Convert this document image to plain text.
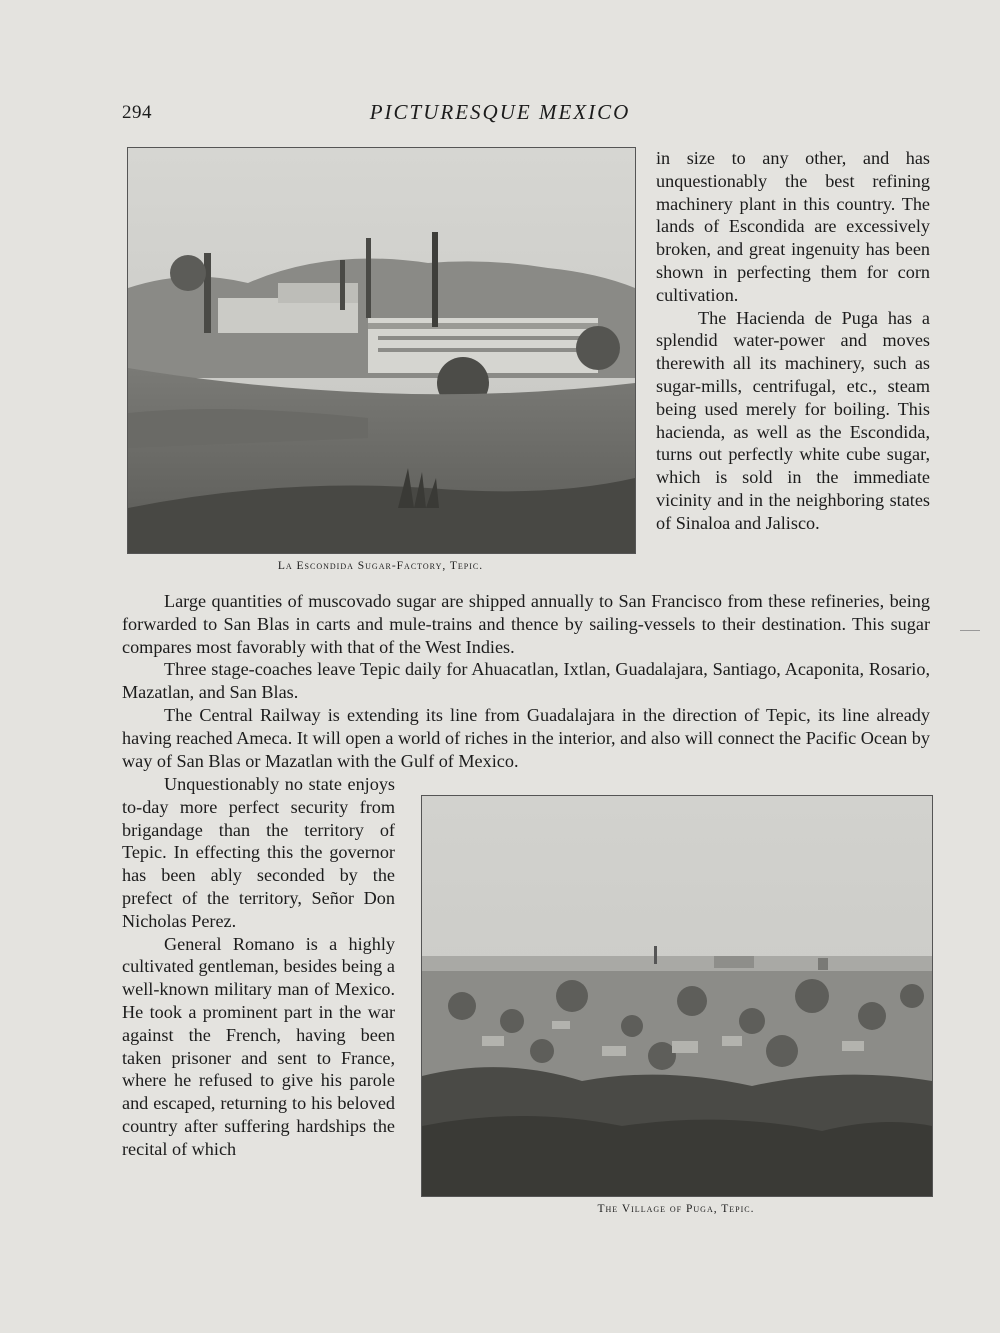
294	PICTURESQUE MEXICO
La Escondida Sugar-Factory, Tepic.

in size to any other, and has unquestionably the best refining machinery plant in this country. The lands of Escondida are excessively broken, and great ingenuity has been shown in perfecting them for corn cultivation.

The Hacienda de Puga has a splendid water-power and moves therewith all its machinery, such as sugar-mills, centrifugal, etc., steam being used merely for boiling. This hacienda, as well as the Escondida, turns out perfectly white cube sugar, which is sold in the immediate vicinity and in the neighboring states of Sinaloa and Jalisco.

Large quantities of muscovado sugar are shipped annually to San Francisco from these refineries, being forwarded to San Blas in carts and mule-trains and thence by sailing-vessels to their destination. This sugar compares most favorably with that of the West Indies.

Three stage-coaches leave Tepic daily for Ahuacatlan, Ixtlan, Guadalajara, Santiago, Acaponita, Rosario, Mazatlan, and San Blas.

The Central Railway is extending its line from Guadalajara in the direction of Tepic, its line already having reached Ameca. It will open a world of riches in the interior, and also will connect the Pacific Ocean by way of San Blas or Mazatlan with the Gulf of Mexico.

Unquestionably no state enjoys to-day more perfect security from brigandage than the territory of Tepic. In effecting this the governor has been ably seconded by the prefect of the territory, Señor Don Nicholas Perez.

General Romano is a highly cultivated gentleman, besides being a well-known military man of Mexico. He took a prominent part in the war against the French, having been taken prisoner and sent to France, where he refused to give his parole and escaped, returning to his beloved country after suffering hardships the recital of which

The Village of Puga, Tepic.
